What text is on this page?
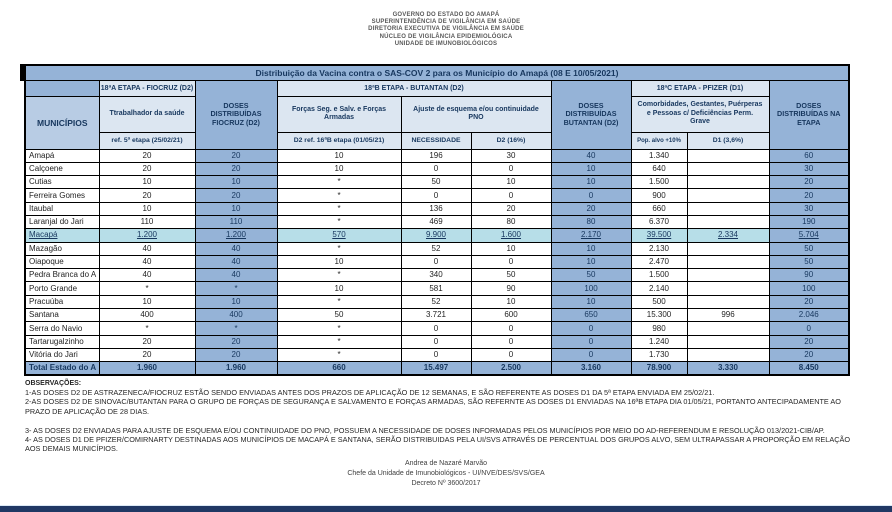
GOVERNO DO ESTADO DO AMAPÁ
SUPERINTENDÊNCIA DE VIGILÂNCIA EM SAÚDE
DIRETORIA EXECUTIVA DE VIGILÂNCIA EM SAÚDE
NÚCLEO DE VIGILÂNCIA EPIDEMIOLÓGICA
UNIDADE DE IMUNOBIOLÓGICOS
Distribuição da Vacina contra o SAS-COV 2 para os Município do Amapá (08 E 10/05/2021)									
	18ªA ETAPA - FIOCRUZ (D2)	DOSES DISTRIBUÍDAS FIOCRUZ (D2)	18ªB ETAPA - BUTANTAN (D2)			DOSES DISTRIBUÍDAS BUTANTAN (D2)	18ªC ETAPA - PFIZER (D1)		DOSES DISTRIBUÍDAS NA ETAPA
MUNICÍPIOS	Ttrabalhador da saúde		Forças Seg. e Salv. e Forças Armadas	Ajuste de esquema e/ou continuidade PNO			Comorbidades, Gestantes, Puérperas e Pessoas c/ Deficiências Perm. Grave		
	ref. 5ª etapa (25/02/21)		D2 ref. 16ªB etapa (01/05/21)	NECESSIDADE	D2 (16%)		Pop. alvo +10%	D1 (3,6%)	
Amapá	20	20	10	196	30	40	1.340		60
Calçoene	20	20	10	0	0	10	640		30
Cutias	10	10	*	50	10	10	1.500		20
Ferreira Gomes	20	20	*	0	0	0	900		20
Itaubal	10	10	*	136	20	20	660		30
Laranjal do Jari	110	110	*	469	80	80	6.370		190
Macapá	1.200	1.200	570	9.900	1.600	2.170	39.500	2.334	5.704
Mazagão	40	40	*	52	10	10	2.130		50
Oiapoque	40	40	10	0	0	10	2.470		50
Pedra Branca do A	40	40	*	340	50	50	1.500		90
Porto Grande	*	*	10	581	90	100	2.140		100
Pracuúba	10	10	*	52	10	10	500		20
Santana	400	400	50	3.721	600	650	15.300	996	2.046
Serra do Navio	*	*	*	0	0	0	980		0
Tartarugalzinho	20	20	*	0	0	0	1.240		20
Vitória do Jari	20	20	*	0	0	0	1.730		20
Total Estado do A	1.960	1.960	660	15.497	2.500	3.160	78.900	3.330	8.450
OBSERVAÇÕES:
1-AS DOSES D2 DE ASTRAZENECA/FIOCRUZ ESTÃO SENDO ENVIADAS ANTES DOS PRAZOS DE APLICAÇÃO DE 12 SEMANAS, E SÃO REFERENTE AS DOSES D1 DA 5ª ETAPA ENVIADA EM 25/02/21.
2-AS DOSES D2 DE SINOVAC/BUTANTAN PARA O GRUPO DE FORÇAS DE SEGURANÇA E SALVAMENTO E FORÇAS ARMADAS, SÃO REFERNTE AS DOSES D1 ENVIADAS NA 16ªB ETAPA DIA 01/05/21, PORTANTO ANTECIPADAMENTE AO PRAZO DE APLICAÇÃO DE 28 DIAS.
3- AS DOSES D2 ENVIADAS PARA AJUSTE DE ESQUEMA E/OU CONTINUIDADE DO PNO, POSSUEM A NECESSIDADE DE DOSES INFORMADAS PELOS MUNICÍPIOS POR MEIO DO AD-REFERENDUM E RESOLUÇÃO 013/2021-CIB/AP.
4- AS DOSES D1 DE PFIZER/COMIRNARTY DESTINADAS AOS MUNICÍPIOS DE MACAPÁ E SANTANA, SERÃO DISTRIBUIDAS PELA UI/SVS ATRAVÉS DE PERCENTUAL DOS GRUPOS ALVO, SEM ULTRAPASSAR A PROPORÇÃO EM RELAÇÃO AOS DEMAIS MUNICÍPIOS.
Andrea de Nazaré Marvão
Chefe da Unidade de Imunobiológicos - UI/NVE/DES/SVS/GEA
Decreto Nº 3600/2017
